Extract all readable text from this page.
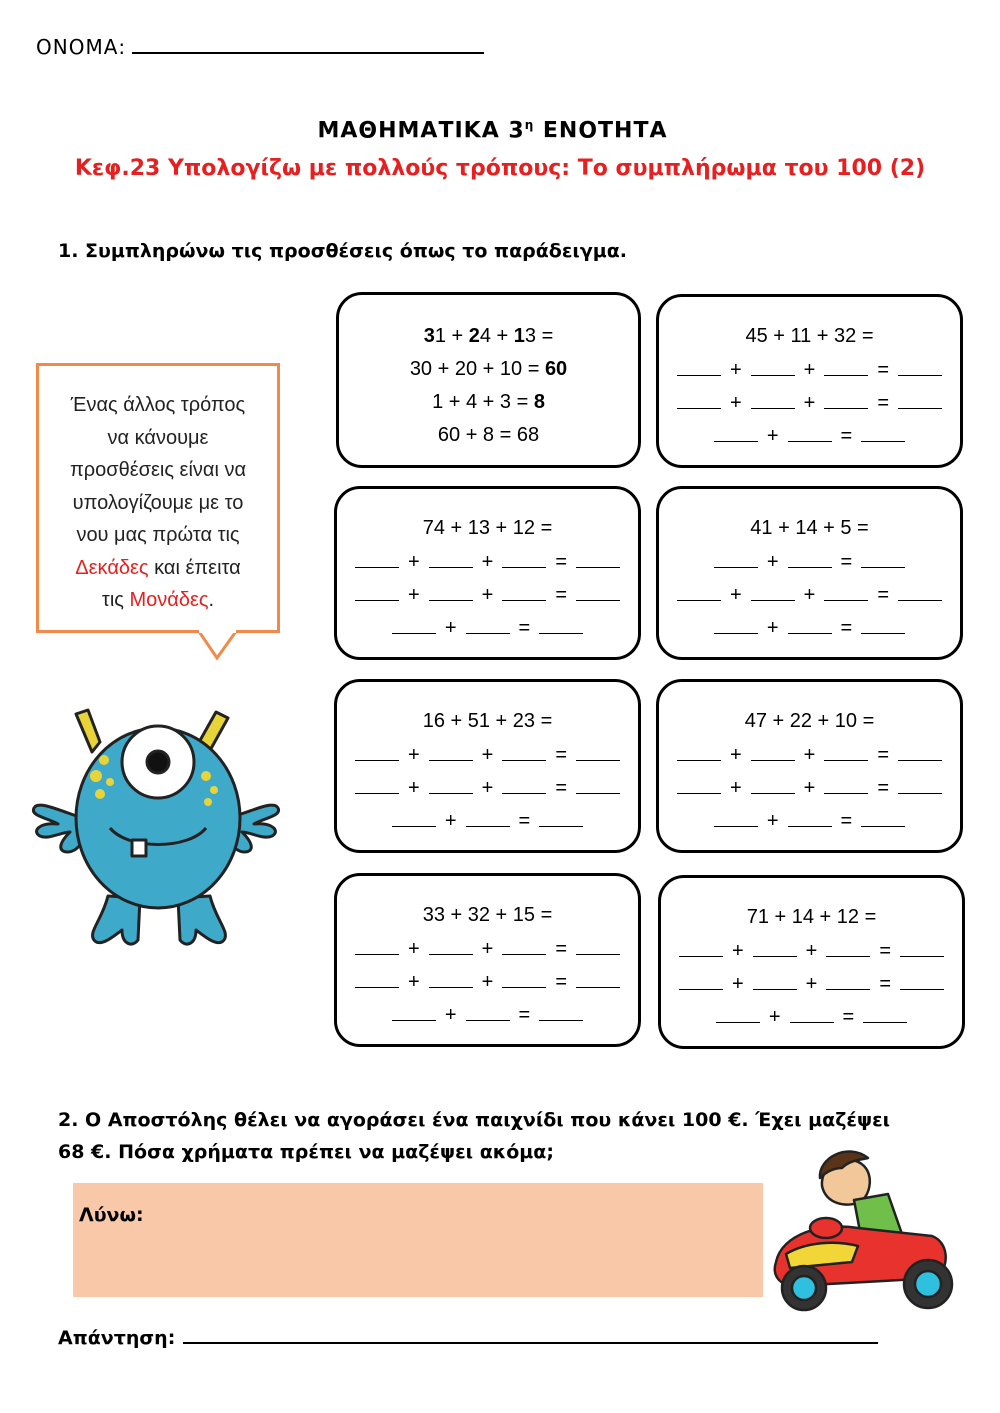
ΟΝΟΜΑ:
ΜΑΘΗΜΑΤΙΚΑ $3^\eta$ ΕΝΟΤΗΤΑ
Κεφ.23 Υπολογίζω με πολλούς τρόπους: Το συμπλήρωμα του 100 (2)
1. Συμπληρώνω τις προσθέσεις όπως το παράδειγμα.
Ένας άλλος τρόπος
να κάνουμε
προσθέσεις είναι να
υπολογίζουμε με το
νου μας πρώτα τις
Δεκάδες και έπειτα
τις Μονάδες.
31 + 24 + 13 =
30 + 20 + 10 = 60
1 + 4 + 3 = 8
60 + 8 = 68
45 + 11 + 32 =
+	+	=
+	+	=
+	=
74 + 13 + 12 =
+	+	=
+	+	=
+	=
41 + 14 + 5 =
+	=
+	+	=
+	=
16 + 51 + 23 =
+	+	=
+	+	=
+	=
47 + 22 + 10 =
+	+	=
+	+	=
+	=
33 + 32 + 15 =
+	+	=
+	+	=
+	=
71 + 14 + 12 =
+	+	=
+	+	=
+	=
2. Ο Αποστόλης θέλει να αγοράσει ένα παιχνίδι που κάνει 100 €. Έχει μαζέψει
68 €. Πόσα χρήματα πρέπει να μαζέψει ακόμα;
Λύνω:
Απάντηση:
